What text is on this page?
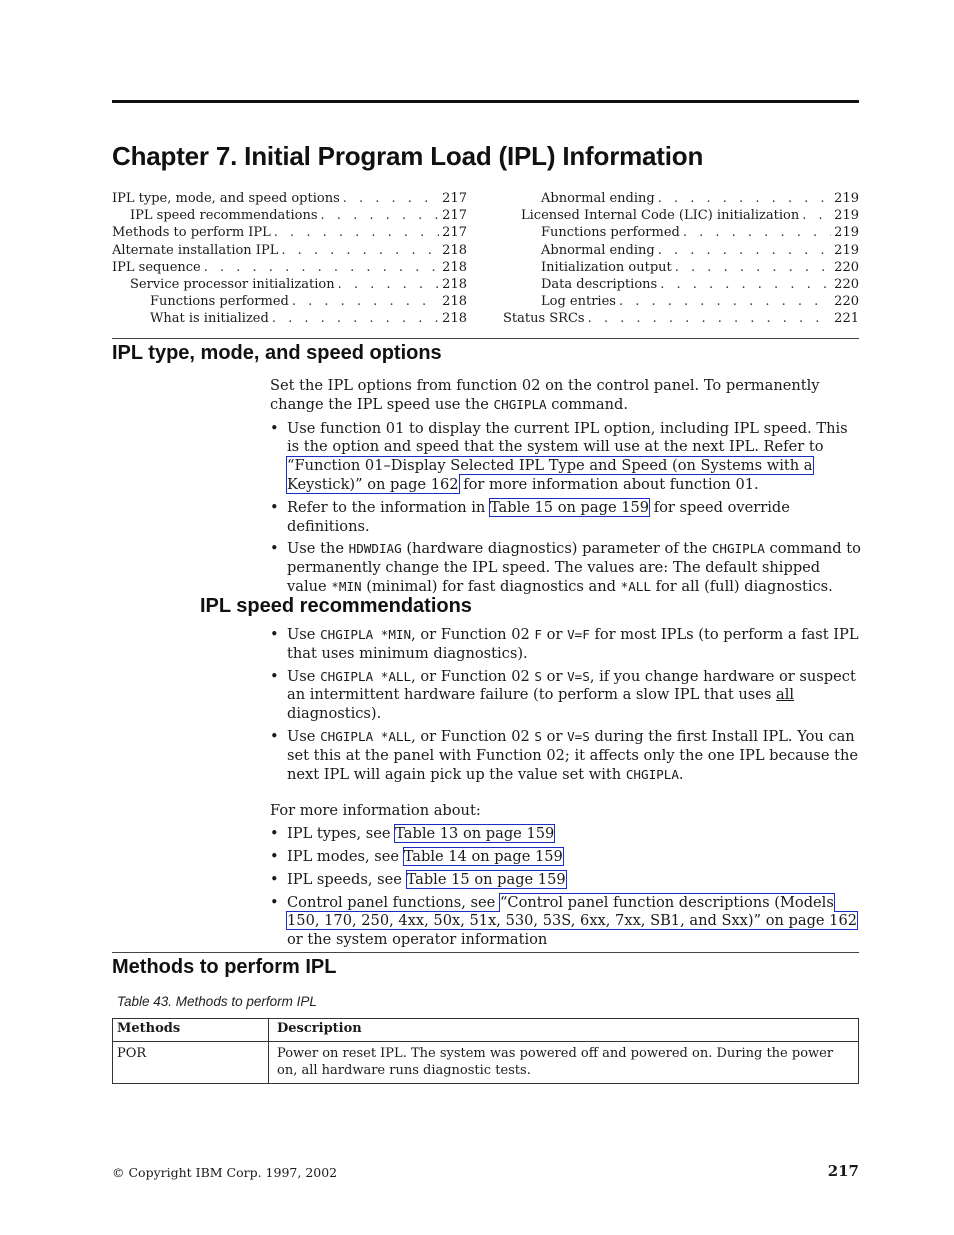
Chapter 7. Initial Program Load (IPL) Information
IPL type, mode, and speed options . . .	217
IPL speed recommendations . . .	217
Methods to perform IPL . . .	217
Alternate installation IPL . . .	218
IPL sequence . . .	218
Service processor initialization . . .	218
Functions performed . . .	218
What is initialized . . .	218
Abnormal ending . . .	219
Licensed Internal Code (LIC) initialization . . .	219
Functions performed . . .	219
Abnormal ending . . .	219
Initialization output . . .	220
Data descriptions . . .	220
Log entries . . .	220
Status SRCs . . .	221
IPL type, mode, and speed options

Set the IPL options from function 02 on the control panel. To permanently change the IPL speed use the CHGIPLA command.

• Use function 01 to display the current IPL option, including IPL speed. This is the option and speed that the system will use at the next IPL. Refer to “Function 01–Display Selected IPL Type and Speed (on Systems with a Keystick)” on page 162 for more information about function 01.

• Refer to the information in Table 15 on page 159 for speed override definitions.

• Use the HDWDIAG (hardware diagnostics) parameter of the CHGIPLA command to permanently change the IPL speed. The values are: The default shipped value *MIN (minimal) for fast diagnostics and *ALL for all (full) diagnostics.

IPL speed recommendations

• Use CHGIPLA *MIN, or Function 02 F or V=F for most IPLs (to perform a fast IPL that uses minimum diagnostics).

• Use CHGIPLA *ALL, or Function 02 S or V=S, if you change hardware or suspect an intermittent hardware failure (to perform a slow IPL that uses all diagnostics).

• Use CHGIPLA *ALL, or Function 02 S or V=S during the first Install IPL. You can set this at the panel with Function 02; it affects only the one IPL because the next IPL will again pick up the value set with CHGIPLA.

For more information about:

• IPL types, see Table 13 on page 159

• IPL modes, see Table 14 on page 159

• IPL speeds, see Table 15 on page 159

• Control panel functions, see “Control panel function descriptions (Models 150, 170, 250, 4xx, 50x, 51x, 530, 53S, 6xx, 7xx, SB1, and Sxx)” on page 162 or the system operator information

Methods to perform IPL
Table 43. Methods to perform IPL
Methods	Description
POR	Power on reset IPL. The system was powered off and powered on. During the power on, all hardware runs diagnostic tests.
© Copyright IBM Corp. 1997, 2002	217
